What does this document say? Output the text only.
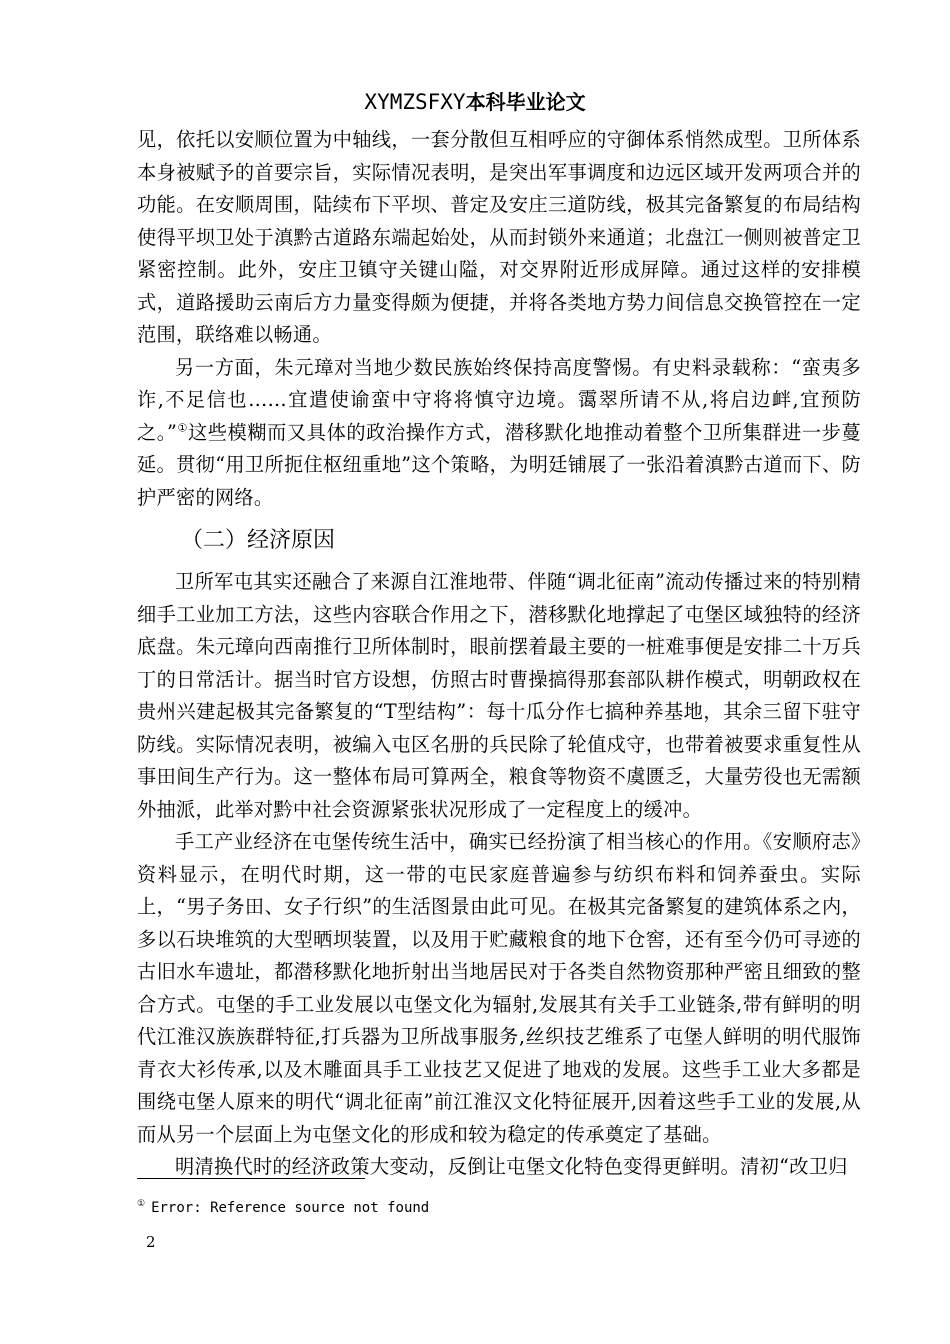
XYMZSFXY本科毕业论文

见，依托以安顺位置为中轴线，一套分散但互相呼应的守御体系悄然成型。卫所体系本身被赋予的首要宗旨，实际情况表明，是突出军事调度和边远区域开发两项合并的功能。在安顺周围，陆续布下平坝、普定及安庄三道防线，极其完备繁复的布局结构使得平坝卫处于滇黔古道路东端起始处，从而封锁外来通道；北盘江一侧则被普定卫紧密控制。此外，安庄卫镇守关键山隘，对交界附近形成屏障。通过这样的安排模式，道路援助云南后方力量变得颇为便捷，并将各类地方势力间信息交换管控在一定范围，联络难以畅通。

另一方面，朱元璋对当地少数民族始终保持高度警惕。有史料录载称：“蛮夷多诈,不足信也……宜遣使谕蛮中守将将慎守边境。霭翠所请不从,将启边衅,宜预防之。”①这些模糊而又具体的政治操作方式，潜移默化地推动着整个卫所集群进一步蔓延。贯彻“用卫所扼住枢纽重地”这个策略，为明廷铺展了一张沿着滇黔古道而下、防护严密的网络。

（二）经济原因

卫所军屯其实还融合了来源自江淮地带、伴随“调北征南”流动传播过来的特别精细手工业加工方法，这些内容联合作用之下，潜移默化地撑起了屯堡区域独特的经济底盘。朱元璋向西南推行卫所体制时，眼前摆着最主要的一桩难事便是安排二十万兵丁的日常活计。据当时官方设想，仿照古时曹操搞得那套部队耕作模式，明朝政权在贵州兴建起极其完备繁复的“T型结构”：每十瓜分作七搞种养基地，其余三留下驻守防线。实际情况表明，被编入屯区名册的兵民除了轮值戍守，也带着被要求重复性从事田间生产行为。这一整体布局可算两全，粮食等物资不虞匮乏，大量劳役也无需额外抽派，此举对黔中社会资源紧张状况形成了一定程度上的缓冲。

手工产业经济在屯堡传统生活中，确实已经扮演了相当核心的作用。《安顺府志》资料显示，在明代时期，这一带的屯民家庭普遍参与纺织布料和饲养蚕虫。实际上，“男子务田、女子行织”的生活图景由此可见。在极其完备繁复的建筑体系之内，多以石块堆筑的大型晒坝装置，以及用于贮藏粮食的地下仓窖，还有至今仍可寻迹的古旧水车遗址，都潜移默化地折射出当地居民对于各类自然物资那种严密且细致的整合方式。屯堡的手工业发展以屯堡文化为辐射,发展其有关手工业链条,带有鲜明的明代江淮汉族族群特征,打兵器为卫所战事服务,丝织技艺维系了屯堡人鲜明的明代服饰青衣大衫传承,以及木雕面具手工业技艺又促进了地戏的发展。这些手工业大多都是围绕屯堡人原来的明代“调北征南”前江淮汉文化特征展开,因着这些手工业的发展,从而从另一个层面上为屯堡文化的形成和较为稳定的传承奠定了基础。

明清换代时的经济政策大变动，反倒让屯堡文化特色变得更鲜明。清初“改卫归

① Error: Reference source not found
2
